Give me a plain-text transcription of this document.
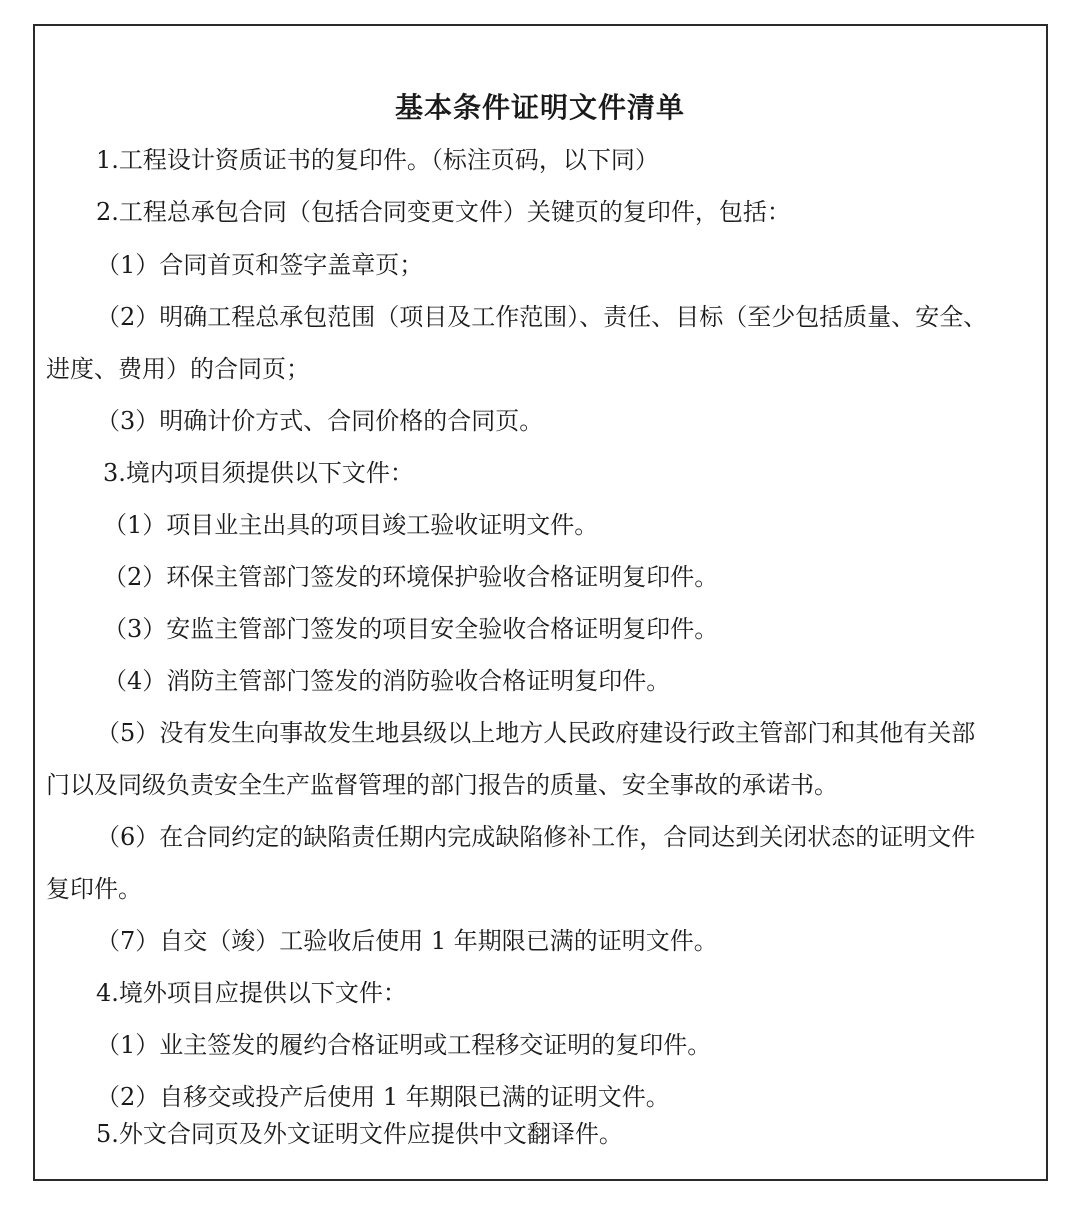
基本条件证明文件清单
1.工程设计资质证书的复印件。（标注页码，以下同）
2.工程总承包合同（包括合同变更文件）关键页的复印件，包括：
（1）合同首页和签字盖章页；
（2）明确工程总承包范围（项目及工作范围）、责任、目标（至少包括质量、安全、
进度、费用）的合同页；
（3）明确计价方式、合同价格的合同页。
3.境内项目须提供以下文件：
（1）项目业主出具的项目竣工验收证明文件。
（2）环保主管部门签发的环境保护验收合格证明复印件。
（3）安监主管部门签发的项目安全验收合格证明复印件。
（4）消防主管部门签发的消防验收合格证明复印件。
（5）没有发生向事故发生地县级以上地方人民政府建设行政主管部门和其他有关部
门以及同级负责安全生产监督管理的部门报告的质量、安全事故的承诺书。
（6）在合同约定的缺陷责任期内完成缺陷修补工作，合同达到关闭状态的证明文件
复印件。
（7）自交（竣）工验收后使用 1 年期限已满的证明文件。
4.境外项目应提供以下文件：
（1）业主签发的履约合格证明或工程移交证明的复印件。
（2）自移交或投产后使用 1 年期限已满的证明文件。
5.外文合同页及外文证明文件应提供中文翻译件。
